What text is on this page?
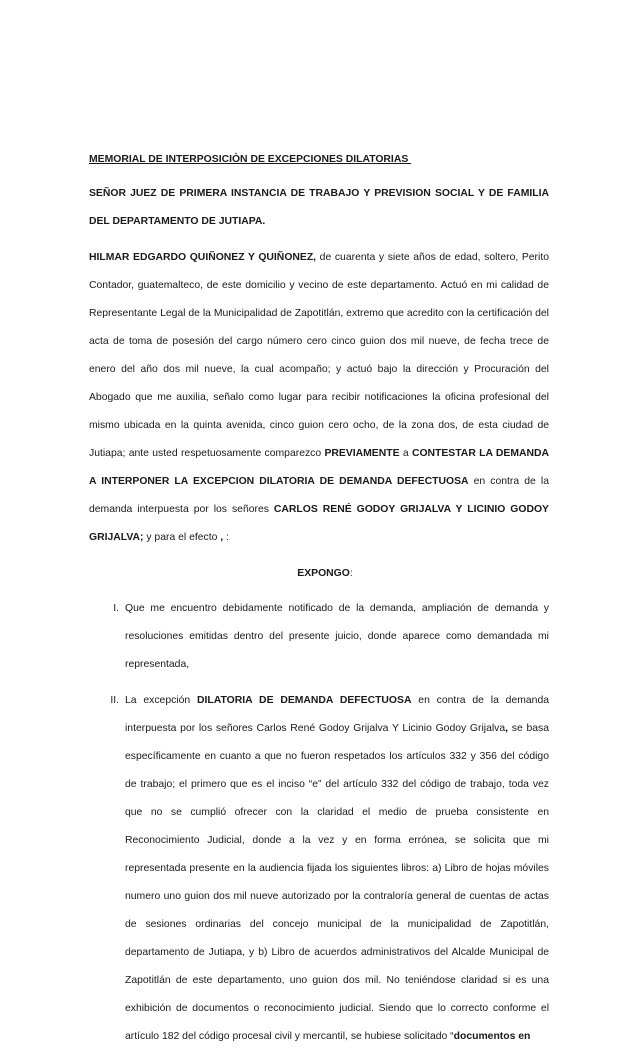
MEMORIAL DE INTERPOSICIÒN DE EXCEPCIONES DILATORIAS
SEÑOR JUEZ DE PRIMERA INSTANCIA DE TRABAJO Y PREVISION SOCIAL Y DE FAMILIA DEL DEPARTAMENTO DE JUTIAPA.

HILMAR EDGARDO QUIÑONEZ Y QUIÑONEZ, de cuarenta y siete años de edad, soltero, Perito Contador, guatemalteco, de este domicilio y vecino de este departamento. Actuó en mi calidad de Representante Legal de la Municipalidad de Zapotitlán, extremo que acredito con la certificación del acta de toma de posesión del cargo número cero cinco guion dos mil nueve, de fecha trece de enero del año dos mil nueve, la cual acompaño; y actuó bajo la dirección y Procuración del Abogado que me auxilia, señalo como lugar para recibir notificaciones la oficina profesional del mismo ubicada en la quinta avenida, cinco guion cero ocho, de la zona dos, de esta ciudad de Jutiapa; ante usted respetuosamente comparezco PREVIAMENTE a CONTESTAR LA DEMANDA A INTERPONER LA EXCEPCION DILATORIA DE DEMANDA DEFECTUOSA en contra de la demanda interpuesta por los señores CARLOS RENÉ GODOY GRIJALVA Y LICINIO GODOY GRIJALVA; y para el efecto , :

EXPONGO:
I. Que me encuentro debidamente notificado de la demanda, ampliación de demanda y resoluciones emitidas dentro del presente juicio, donde aparece como demandada mi representada,
II. La excepción DILATORIA DE DEMANDA DEFECTUOSA en contra de la demanda interpuesta por los señores Carlos René Godoy Grijalva Y Licinio Godoy Grijalva, se basa específicamente en cuanto a que no fueron respetados los artículos 332 y 356 del código de trabajo; el primero que es el inciso “e” del artículo 332 del código de trabajo, toda vez que no se cumplió ofrecer con la claridad el medio de prueba consistente en Reconocimiento Judicial, donde a la vez y en forma errónea, se solicita que mi representada presente en la audiencia fijada los siguientes libros: a) Libro de hojas móviles numero uno guion dos mil nueve autorizado por la contraloría general de cuentas de actas de sesiones ordinarias del concejo municipal de la municipalidad de Zapotitlán, departamento de Jutiapa, y b) Libro de acuerdos administrativos del Alcalde Municipal de Zapotitlán de este departamento, uno guion dos mil. No teniéndose claridad si es una exhibición de documentos o reconocimiento judicial. Siendo que lo correcto conforme el artículo 182 del código procesal civil y mercantil, se hubiese solicitado “documentos en
